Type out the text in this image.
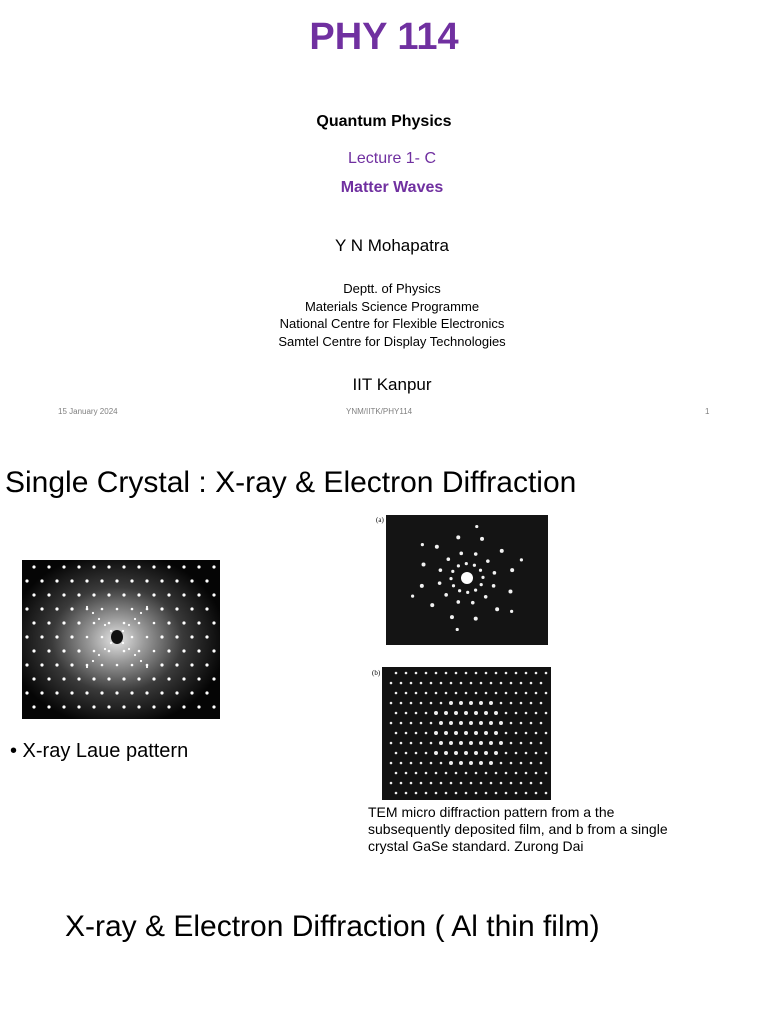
PHY 114
Quantum Physics
Lecture 1- C
Matter Waves
Y N Mohapatra
Deptt. of Physics
Materials Science Programme
National Centre for Flexible Electronics
Samtel Centre for Display Technologies
IIT Kanpur
15 January 2024	YNM/IITK/PHY114	1
Single Crystal : X-ray & Electron Diffraction
• X-ray Laue pattern
(a)
(b)
TEM micro diffraction pattern from a the subsequently deposited film, and b from a single crystal GaSe standard. Zurong Dai
X-ray & Electron Diffraction ( Al thin film)
